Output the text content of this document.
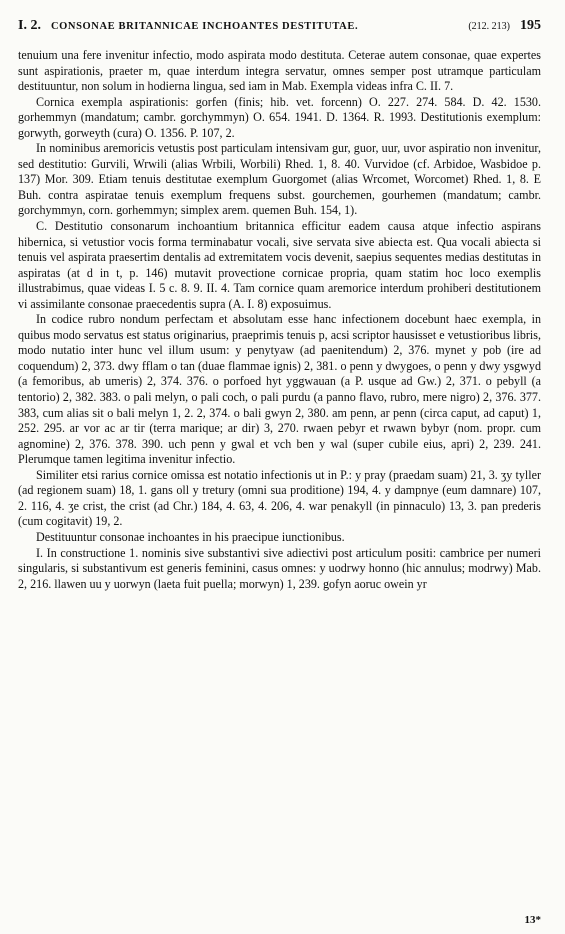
I. 2. CONSONAE BRITANNICAE INCHOANTES DESTITUTAE.	(212. 213) 195

tenuium una fere invenitur infectio, modo aspirata modo destituta. Ceterae autem consonae, quae expertes sunt aspirationis, praeter m, quae interdum integra servatur, omnes semper post utramque particulam destituuntur, non solum in hodierna lingua, sed iam in Mab. Exempla videas infra C. II. 7.

Cornica exempla aspirationis: gorfen (finis; hib. vet. forcenn) O. 227. 274. 584. D. 42. 1530. gorhemmyn (mandatum; cambr. gorchymmyn) O. 654. 1941. D. 1364. R. 1993. Destitutionis exemplum: gorwyth, gorweyth (cura) O. 1356. P. 107, 2.

In nominibus aremoricis vetustis post particulam intensivam gur, guor, uur, uvor aspiratio non invenitur, sed destitutio: Gurvili, Wrwili (alias Wrbili, Worbili) Rhed. 1, 8. 40. Vurvidoe (cf. Arbidoe, Wasbidoe p. 137) Mor. 309. Etiam tenuis destitutae exemplum Guorgomet (alias Wrcomet, Worcomet) Rhed. 1, 8. E Buh. contra aspiratae tenuis exemplum frequens subst. gourchemen, gourhemen (mandatum; cambr. gorchymmyn, corn. gorhemmyn; simplex arem. quemen Buh. 154, 1).

C. Destitutio consonarum inchoantium britannica efficitur eadem causa atque infectio aspirans hibernica, si vetustior vocis forma terminabatur vocali, sive servata sive abiecta est. Qua vocali abiecta si tenuis vel aspirata praesertim dentalis ad extremitatem vocis devenit, saepius sequentes medias destitutas in aspiratas (at d in t, p. 146) mutavit provectione cornicae propria, quam statim hoc loco exemplis illustrabimus, quae videas I. 5 c. 8. 9. II. 4. Tam cornice quam aremorice interdum prohiberi destitutionem vi assimilante consonae praecedentis supra (A. I. 8) exposuimus.

In codice rubro nondum perfectam et absolutam esse hanc infectionem docebunt haec exempla, in quibus modo servatus est status originarius, praeprimis tenuis p, acsi scriptor hausisset e vetustioribus libris, modo nutatio inter hunc vel illum usum: y penytyaw (ad paenitendum) 2, 376. mynet y pob (ire ad coquendum) 2, 373. dwy fflam o tan (duae flammae ignis) 2, 381. o penn y dwygoes, o penn y dwy ysgwyd (a femoribus, ab umeris) 2, 374. 376. o porfoed hyt yggwauan (a P. usque ad Gw.) 2, 371. o pebyll (a tentorio) 2, 382. 383. o pali melyn, o pali coch, o pali purdu (a panno flavo, rubro, mere nigro) 2, 376. 377. 383, cum alias sit o bali melyn 1, 2. 2, 374. o bali gwyn 2, 380. am penn, ar penn (circa caput, ad caput) 1, 252. 295. ar vor ac ar tir (terra marique; ar dir) 3, 270. rwaen pebyr et rwawn bybyr (nom. propr. cum agnomine) 2, 376. 378. 390. uch penn y gwal et vch ben y wal (super cubile eius, apri) 2, 239. 241. Plerumque tamen legitima invenitur infectio.

Similiter etsi rarius cornice omissa est notatio infectionis ut in P.: y pray (praedam suam) 21, 3. ʒy tyller (ad regionem suam) 18, 1. gans oll y tretury (omni sua proditione) 194, 4. y dampnye (eum damnare) 107, 2. 116, 4. ʒe crist, the crist (ad Chr.) 184, 4. 63, 4. 206, 4. war penakyll (in pinnaculo) 13, 3. pan prederis (cum cogitavit) 19, 2.

Destituuntur consonae inchoantes in his praecipue iunctionibus.

I. In constructione 1. nominis sive substantivi sive adiectivi post articulum positi: cambrice per numeri singularis, si substantivum est generis feminini, casus omnes: y uodrwy honno (hic annulus; modrwy) Mab. 2, 216. llawen uu y uorwyn (laeta fuit puella; morwyn) 1, 239. gofyn aoruc owein yr

13*
